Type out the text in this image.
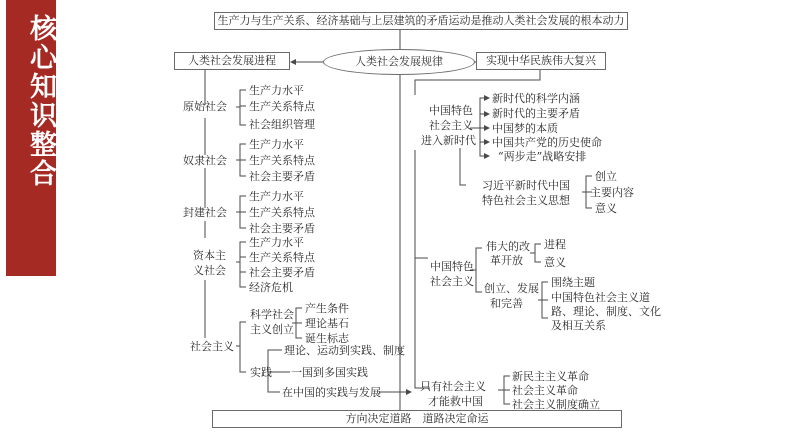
核心知识整合	生产力与生产关系、经济基础与上层建筑的矛盾运动是推动人类社会发展的根本动力
人类社会发展规律
人类社会发展进程	实现中华民族伟大复兴
方向决定道路　道路决定命运
原始社会
生产力水平
生产关系特点
社会组织管理
奴隶社会
生产力水平
生产关系特点
社会主要矛盾
封建社会
生产力水平
生产关系特点
社会主要矛盾
资本主
义社会
生产力水平
生产关系特点
社会主要矛盾
经济危机
社会主义
科学社会
主义创立
产生条件
理论基石
诞生标志
实践
理论、运动到实践、制度
一国到多国实践
在中国的实践与发展	只有社会主义
才能救中国
新民主主义革命
社会主义革命
社会主义制度确立
中国特色
社会主义
进入新时代
新时代的科学内涵
新时代的主要矛盾
中国梦的本质
中国共产党的历史使命
“两步走”战略安排
习近平新时代中国
特色社会主义思想
创立
主要内容
意义
中国特色
社会主义
伟大的改
革开放
进程
意义
创立、发展
和完善
围绕主题
中国特色社会主义道
路、理论、制度、文化
及相互关系
